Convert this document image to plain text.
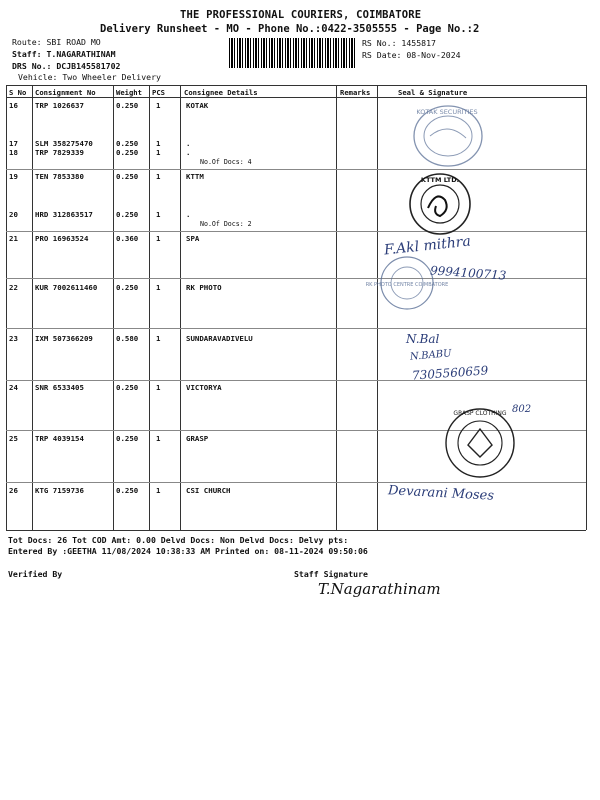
THE PROFESSIONAL COURIERS, COIMBATORE
Delivery Runsheet - MO - Phone No.:0422-3505555 - Page No.:2
Route: SBI ROAD MO
Staff: T.NAGARATHINAM
DRS No.: DCJB145581702
Vehicle: Two Wheeler Delivery
RS No.: 1455817
RS Date: 08-Nov-2024
S No Consignment No	Weight PCS	Consignee Details	Remarks	Seal & Signature
16 TRP 1026637	0.250 1	KOTAK
17 SLM 358275470	0.250 1	.
18 TRP 7829339	0.250 1	.
No.Of Docs: 4
19 TEN 7853380	0.250 1	KTTM
20 HRD 312863517	0.250 1	.
No.Of Docs: 2
21 PRO 16963524	0.360 1	SPA
22 KUR 7002611460	0.250 1	RK PHOTO
23 IXM 507366209	0.580 1	SUNDARAVADIVELU
24 SNR 6533405	0.250 1	VICTORYA
25 TRP 4039154	0.250 1	GRASP
26 KTG 7159736	0.250 1	CSI CHURCH
KOTAK SECURITIES
KTTM LTD.
RK PHOTO CENTRE COIMBATORE
GRASP CLOTHING
F.Akl mithra
9994100713
N.Bal
N.BABU
7305560659
802
Devarani Moses
Tot Docs: 26 Tot COD Amt: 0.00 Delvd Docs: Non Delvd Docs: Delvy pts:
Entered By :GEETHA 11/08/2024 10:38:33 AM Printed on: 08-11-2024 09:50:06
Verified By	Staff Signature
T.Nagarathinam
